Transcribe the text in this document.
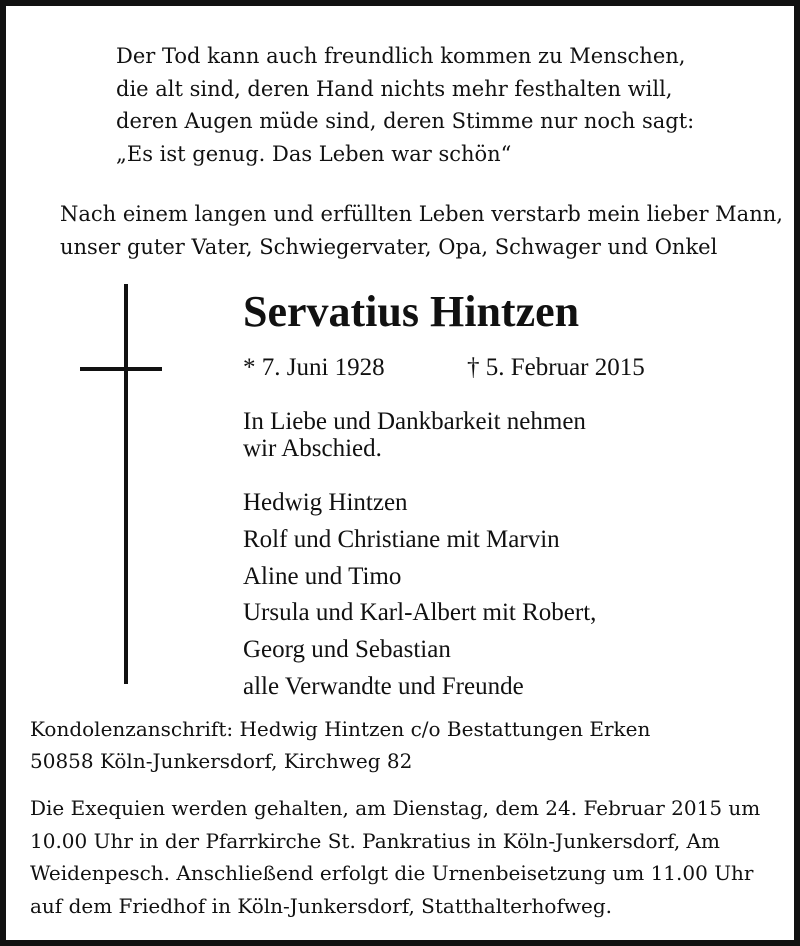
Der Tod kann auch freundlich kommen zu Menschen,
die alt sind, deren Hand nichts mehr festhalten will,
deren Augen müde sind, deren Stimme nur noch sagt:
„Es ist genug. Das Leben war schön“
Nach einem langen und erfüllten Leben verstarb mein lieber Mann,
unser guter Vater, Schwiegervater, Opa, Schwager und Onkel
Servatius Hintzen
* 7. Juni 1928	† 5. Februar 2015
In Liebe und Dankbarkeit nehmen
wir Abschied.
Hedwig Hintzen
Rolf und Christiane mit Marvin
Aline und Timo
Ursula und Karl-Albert mit Robert,
Georg und Sebastian
alle Verwandte und Freunde
Kondolenzanschrift: Hedwig Hintzen c/o Bestattungen Erken
50858 Köln-Junkersdorf, Kirchweg 82
Die Exequien werden gehalten, am Dienstag, dem 24. Februar 2015 um
10.00 Uhr in der Pfarrkirche St. Pankratius in Köln-Junkersdorf, Am
Weidenpesch. Anschließend erfolgt die Urnenbeisetzung um 11.00 Uhr
auf dem Friedhof in Köln-Junkersdorf, Statthalterhofweg.
